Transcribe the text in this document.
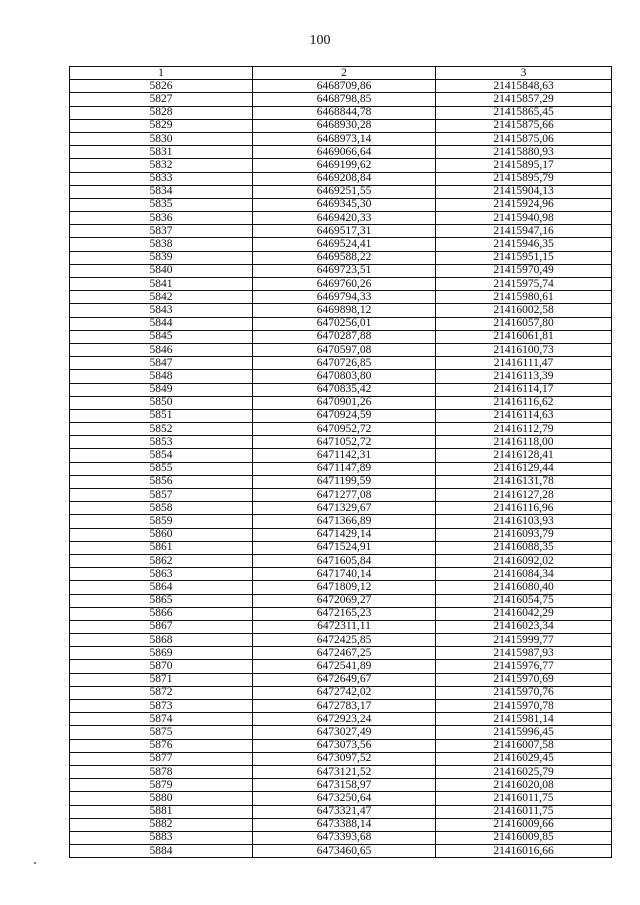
100
1	2	3
5826	6468709,86	21415848,63
5827	6468798,85	21415857,29
5828	6468844,78	21415865,45
5829	6468930,28	21415875,66
5830	6468973,14	21415875,06
5831	6469066,64	21415880,93
5832	6469199,62	21415895,17
5833	6469208,84	21415895,79
5834	6469251,55	21415904,13
5835	6469345,30	21415924,96
5836	6469420,33	21415940,98
5837	6469517,31	21415947,16
5838	6469524,41	21415946,35
5839	6469588,22	21415951,15
5840	6469723,51	21415970,49
5841	6469760,26	21415975,74
5842	6469794,33	21415980,61
5843	6469898,12	21416002,58
5844	6470256,01	21416057,80
5845	6470287,88	21416061,81
5846	6470597,08	21416100,73
5847	6470726,85	21416111,47
5848	6470803,80	21416113,39
5849	6470835,42	21416114,17
5850	6470901,26	21416116,62
5851	6470924,59	21416114,63
5852	6470952,72	21416112,79
5853	6471052,72	21416118,00
5854	6471142,31	21416128,41
5855	6471147,89	21416129,44
5856	6471199,59	21416131,78
5857	6471277,08	21416127,28
5858	6471329,67	21416116,96
5859	6471366,89	21416103,93
5860	6471429,14	21416093,79
5861	6471524,91	21416088,35
5862	6471605,84	21416092,02
5863	6471740,14	21416084,34
5864	6471809,12	21416080,40
5865	6472069,27	21416054,75
5866	6472165,23	21416042,29
5867	6472311,11	21416023,34
5868	6472425,85	21415999,77
5869	6472467,25	21415987,93
5870	6472541,89	21415976,77
5871	6472649,67	21415970,69
5872	6472742,02	21415970,76
5873	6472783,17	21415970,78
5874	6472923,24	21415981,14
5875	6473027,49	21415996,45
5876	6473073,56	21416007,58
5877	6473097,52	21416029,45
5878	6473121,52	21416025,79
5879	6473158,97	21416020,08
5880	6473250,64	21416011,75
5881	6473321,47	21416011,75
5882	6473388,14	21416009,66
5883	6473393,68	21416009,85
5884	6473460,65	21416016,66
